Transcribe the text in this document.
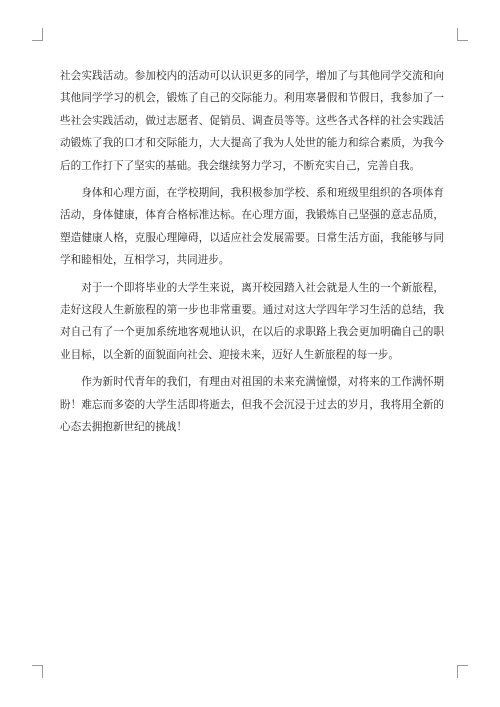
社会实践活动。参加校内的活动可以认识更多的同学，增加了与其他同学交流和向其他同学学习的机会，锻炼了自己的交际能力。利用寒暑假和节假日，我参加了一些社会实践活动，做过志愿者、促销员、调查员等等。这些各式各样的社会实践活动锻炼了我的口才和交际能力，大大提高了我为人处世的能力和综合素质，为我今后的工作打下了坚实的基础。我会继续努力学习，不断充实自己，完善自我。

身体和心理方面，在学校期间，我积极参加学校、系和班级里组织的各项体育活动，身体健康，体育合格标准达标。在心理方面，我锻炼自己坚强的意志品质，塑造健康人格，克服心理障碍，以适应社会发展需要。日常生活方面，我能够与同学和睦相处，互相学习，共同进步。

对于一个即将毕业的大学生来说，离开校园踏入社会就是人生的一个新旅程，走好这段人生新旅程的第一步也非常重要。通过对这大学四年学习生活的总结，我对自己有了一个更加系统地客观地认识，在以后的求职路上我会更加明确自己的职业目标，以全新的面貌面向社会、迎接未来，迈好人生新旅程的每一步。

作为新时代青年的我们，有理由对祖国的未来充满憧憬，对将来的工作满怀期盼！难忘而多姿的大学生活即将逝去，但我不会沉浸于过去的岁月，我将用全新的心态去拥抱新世纪的挑战！
